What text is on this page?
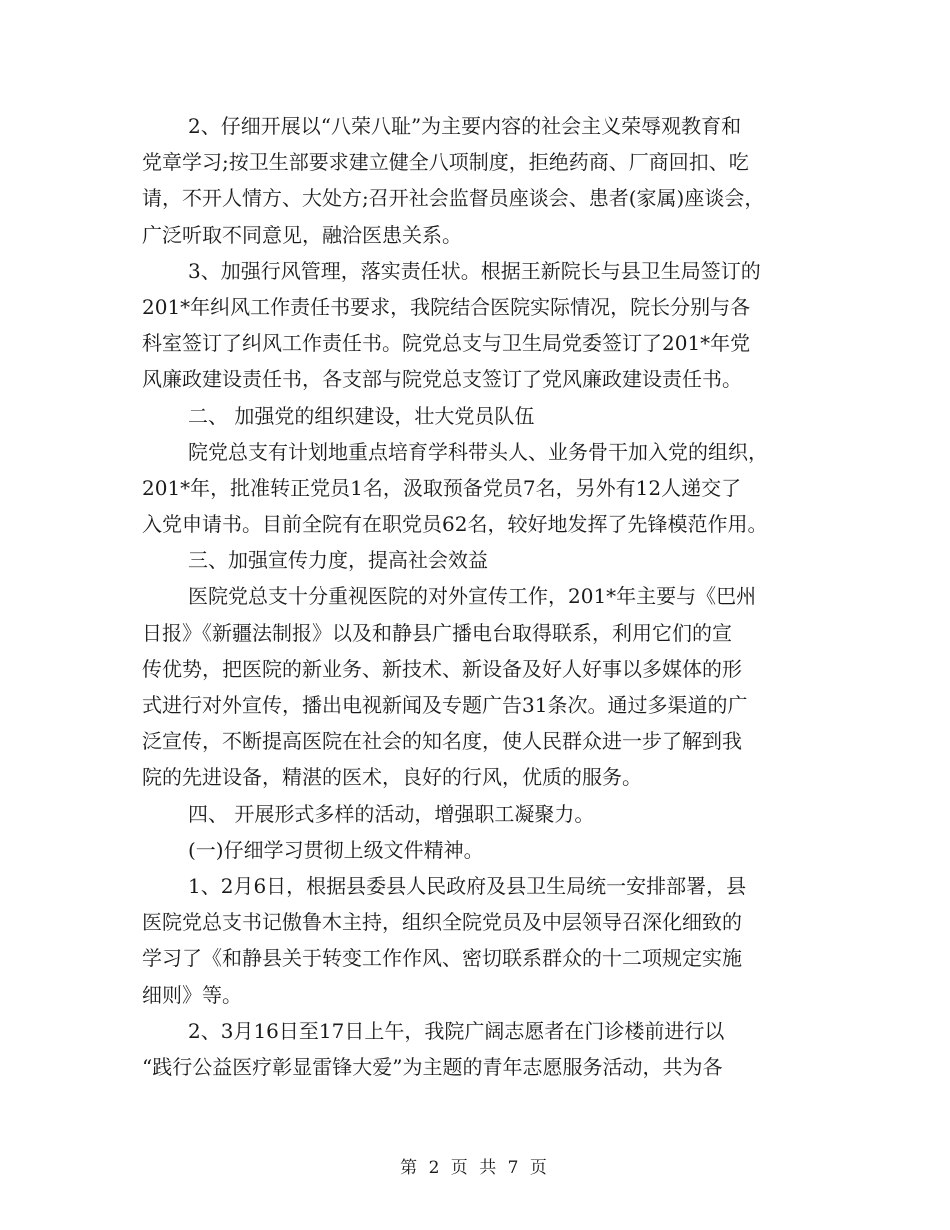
2、仔细开展以“八荣八耻”为主要内容的社会主义荣辱观教育和
党章学习;按卫生部要求建立健全八项制度，拒绝药商、厂商回扣、吃
请，不开人情方、大处方;召开社会监督员座谈会、患者(家属)座谈会，
广泛听取不同意见，融洽医患关系。
3、加强行风管理，落实责任状。根据王新院长与县卫生局签订的
201*年纠风工作责任书要求，我院结合医院实际情况，院长分别与各
科室签订了纠风工作责任书。院党总支与卫生局党委签订了201*年党
风廉政建设责任书，各支部与院党总支签订了党风廉政建设责任书。
二、 加强党的组织建设，壮大党员队伍
院党总支有计划地重点培育学科带头人、业务骨干加入党的组织，
201*年，批准转正党员1名，汲取预备党员7名，另外有12人递交了
入党申请书。目前全院有在职党员62名，较好地发挥了先锋模范作用。
三、加强宣传力度，提高社会效益
医院党总支十分重视医院的对外宣传工作，201*年主要与《巴州
日报》《新疆法制报》以及和静县广播电台取得联系，利用它们的宣
传优势，把医院的新业务、新技术、新设备及好人好事以多媒体的形
式进行对外宣传，播出电视新闻及专题广告31条次。通过多渠道的广
泛宣传，不断提高医院在社会的知名度，使人民群众进一步了解到我
院的先进设备，精湛的医术，良好的行风，优质的服务。
四、 开展形式多样的活动，增强职工凝聚力。
(一)仔细学习贯彻上级文件精神。
1、2月6日，根据县委县人民政府及县卫生局统一安排部署，县
医院党总支书记傲鲁木主持，组织全院党员及中层领导召深化细致的
学习了《和静县关于转变工作作风、密切联系群众的十二项规定实施
细则》等。
2、3月16日至17日上午，我院广阔志愿者在门诊楼前进行以
“践行公益医疗彰显雷锋大爱”为主题的青年志愿服务活动，共为各
第 2 页 共 7 页
